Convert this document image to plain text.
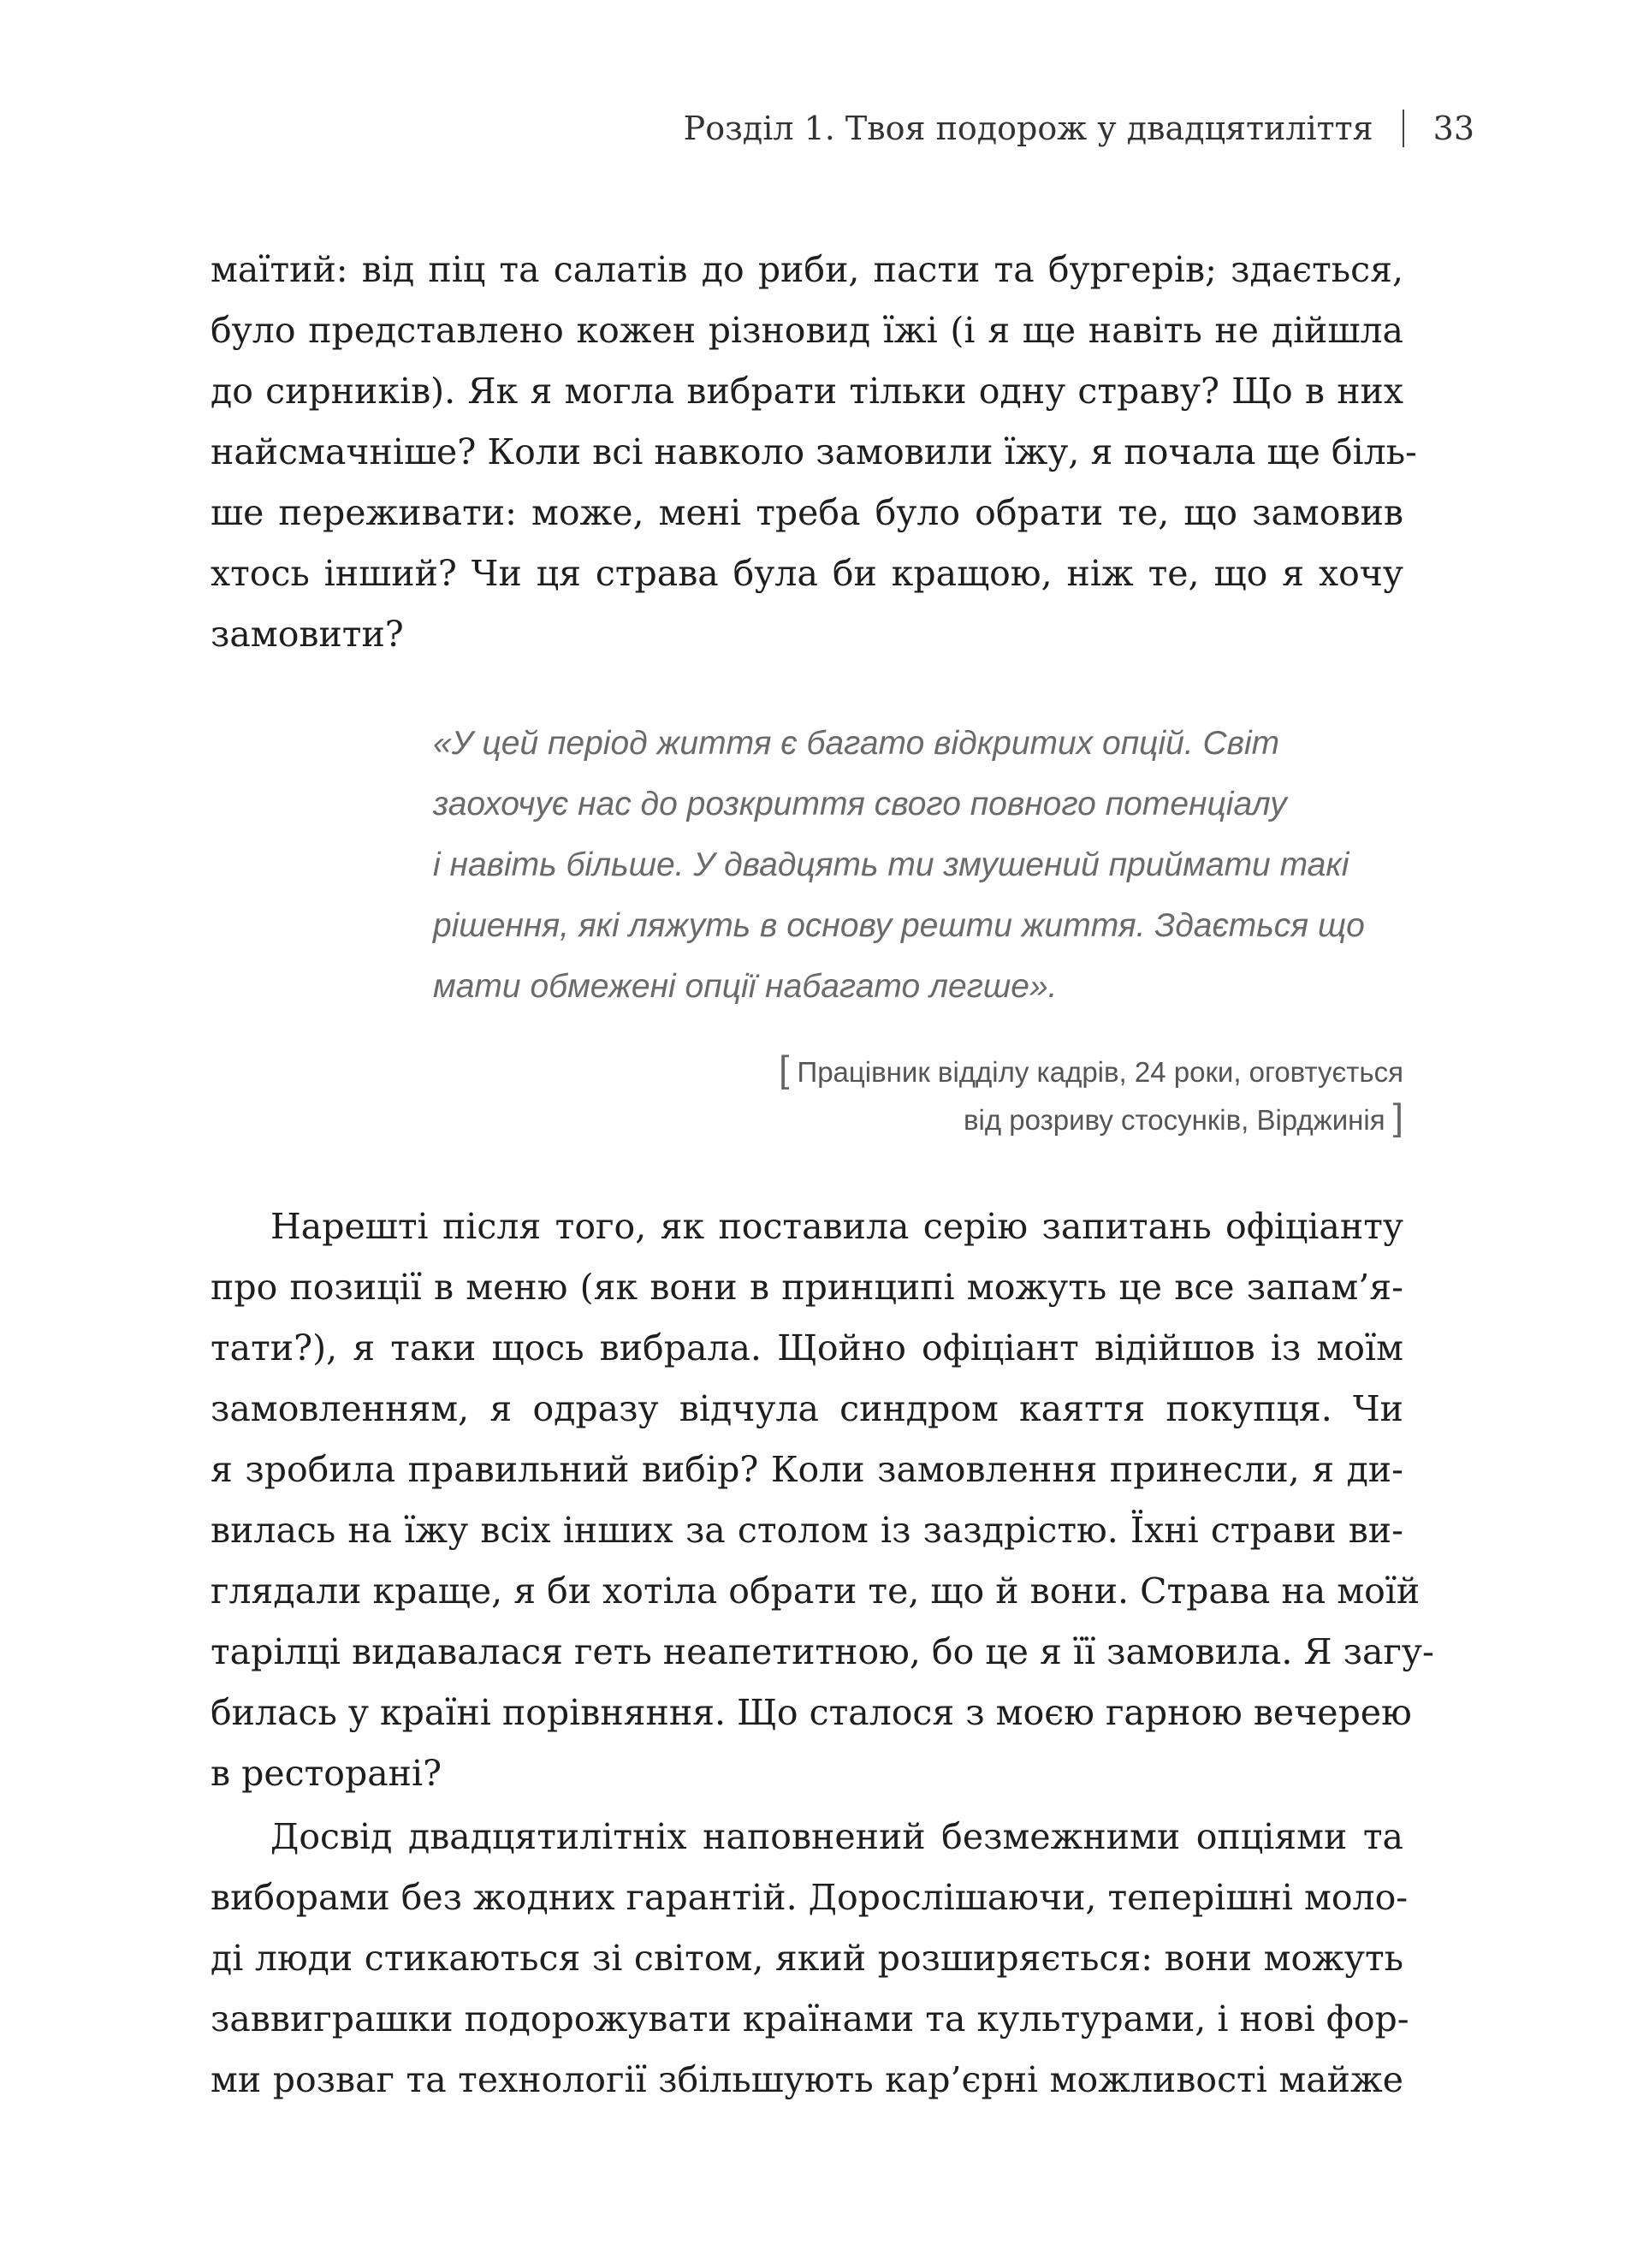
Розділ 1. Твоя подорож у двадцятиліття 33
маїтий: від піц та салатів до риби, пасти та бургерів; здається,
було представлено кожен різновид їжі (і я ще навіть не дійшла
до сирників). Як я могла вибрати тільки одну страву? Що в них
найсмачніше? Коли всі навколо замовили їжу, я почала ще біль-
ше переживати: може, мені треба було обрати те, що замовив
хтось інший? Чи ця страва була би кращою, ніж те, що я хочу
замовити?
«У цей період життя є багато відкритих опцій. Світ
заохочує нас до розкриття свого повного потенціалу
і навіть більше. У двадцять ти змушений приймати такі
рішення, які ляжуть в основу решти життя. Здається що
мати обмежені опції набагато легше».
[ Працівник відділу кадрів, 24 роки, оговтується
від розриву стосунків, Вірджинія ]
Нарешті після того, як поставила серію запитань офіціанту
про позиції в меню (як вони в принципі можуть це все запам’я-
тати?), я таки щось вибрала. Щойно офіціант відійшов із моїм
замовленням, я одразу відчула синдром каяття покупця. Чи
я зробила правильний вибір? Коли замовлення принесли, я ди-
вилась на їжу всіх інших за столом із заздрістю. Їхні страви ви-
глядали краще, я би хотіла обрати те, що й вони. Страва на моїй
тарілці видавалася геть неапетитною, бо це я її замовила. Я загу-
билась у країні порівняння. Що сталося з моєю гарною вечерею
в ресторані?
Досвід двадцятилітніх наповнений безмежними опціями та
виборами без жодних гарантій. Дорослішаючи, теперішні моло-
ді люди стикаються зі світом, який розширяється: вони можуть
заввиграшки подорожувати країнами та культурами, і нові фор-
ми розваг та технології збільшують кар’єрні можливості майже
